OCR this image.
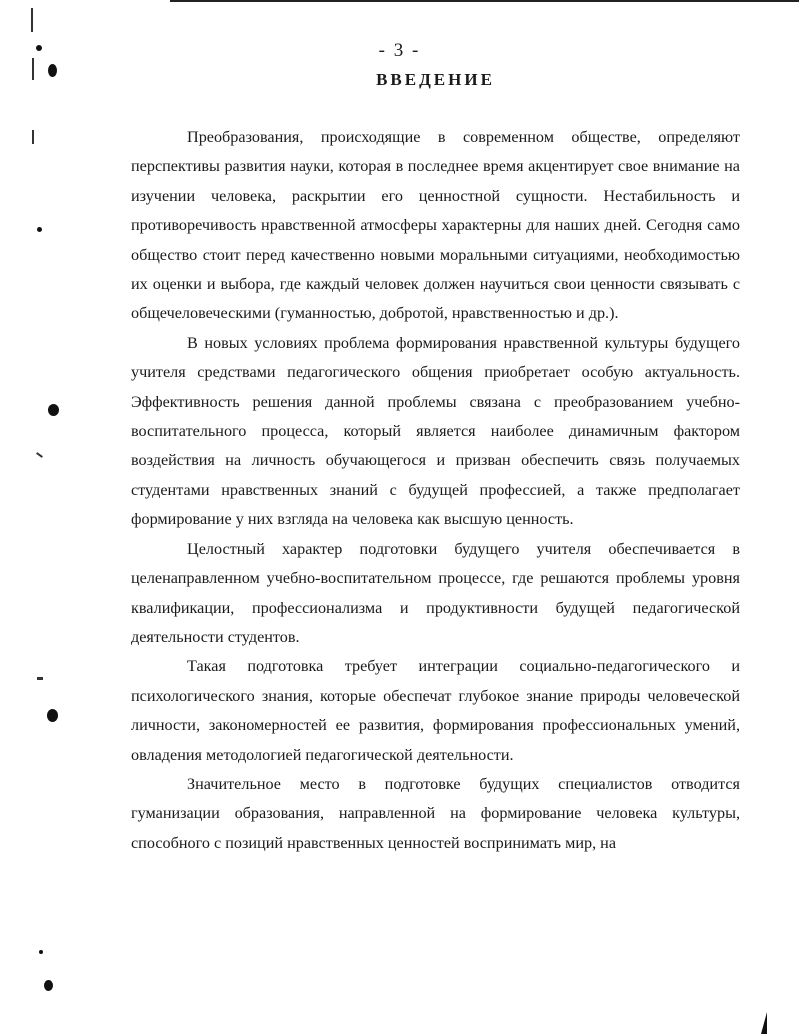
- 3 -
ВВЕДЕНИЕ

Преобразования, происходящие в современном обществе, определяют перспективы развития науки, которая в последнее время акцентирует свое внимание на изучении человека, раскрытии его ценностной сущности. Нестабильность и противоречивость нравственной атмосферы характерны для наших дней. Сегодня само общество стоит перед качественно новыми моральными ситуациями, необходимостью их оценки и выбора, где каждый человек должен научиться свои ценности связывать с общечеловеческими (гуманностью, добротой, нравственностью и др.).

В новых условиях проблема формирования нравственной культуры будущего учителя средствами педагогического общения приобретает особую актуальность. Эффективность решения данной проблемы связана с преобразованием учебно-воспитательного процесса, который является наиболее динамичным фактором воздействия на личность обучающегося и призван обеспечить связь получаемых студентами нравственных знаний с будущей профессией, а также предполагает формирование у них взгляда на человека как высшую ценность.

Целостный характер подготовки будущего учителя обеспечивается в целенаправленном учебно-воспитательном процессе, где решаются проблемы уровня квалификации, профессионализма и продуктивности будущей педагогической деятельности студентов.

Такая подготовка требует интеграции социально-педагогического и психологического знания, которые обеспечат глубокое знание природы человеческой личности, закономерностей ее развития, формирования профессиональных умений, овладения методологией педагогической деятельности.

Значительное место в подготовке будущих специалистов отводится гуманизации образования, направленной на формирование человека культуры, способного с позиций нравственных ценностей воспринимать мир, на
